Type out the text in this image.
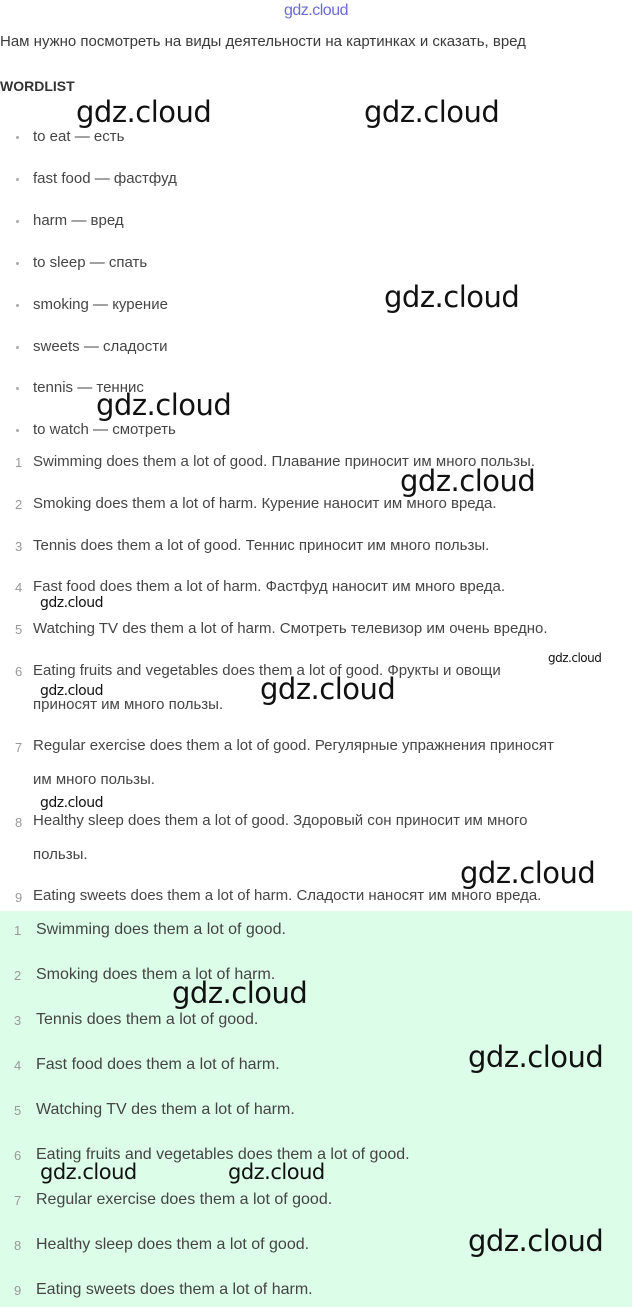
gdz.cloud
Нам нужно посмотреть на виды деятельности на картинках и сказать, вред
WORDLIST
to eat — есть
fast food — фастфуд
harm — вред
to sleep — спать
smoking — курение
sweets — сладости
tennis — теннис
to watch — смотреть
1 Swimming does them a lot of good. Плавание приносит им много пользы.
2 Smoking does them a lot of harm. Курение наносит им много вреда.
3 Tennis does them a lot of good. Теннис приносит им много пользы.
4 Fast food does them a lot of harm. Фастфуд наносит им много вреда.
5 Watching TV des them a lot of harm. Смотреть телевизор им очень вредно.
6 Eating fruits and vegetables does them a lot of good. Фрукты и овощи
приносят им много пользы.
7 Regular exercise does them a lot of good. Регулярные упражнения приносят
им много пользы.
8 Healthy sleep does them a lot of good. Здоровый сон приносит им много
пользы.
9 Eating sweets does them a lot of harm. Сладости наносят им много вреда.
1 Swimming does them a lot of good.
2 Smoking does them a lot of harm.
3 Tennis does them a lot of good.
4 Fast food does them a lot of harm.
5 Watching TV des them a lot of harm.
6 Eating fruits and vegetables does them a lot of good.
7 Regular exercise does them a lot of good.
8 Healthy sleep does them a lot of good.
9 Eating sweets does them a lot of harm.
gdz.cloud	gdz.cloud
gdz.cloud
gdz.cloud
gdz.cloud
gdz.cloud
gdz.cloud
gdz.cloud	gdz.cloud
gdz.cloud
gdz.cloud
gdz.cloud
gdz.cloud
gdz.cloud	gdz.cloud
gdz.cloud
